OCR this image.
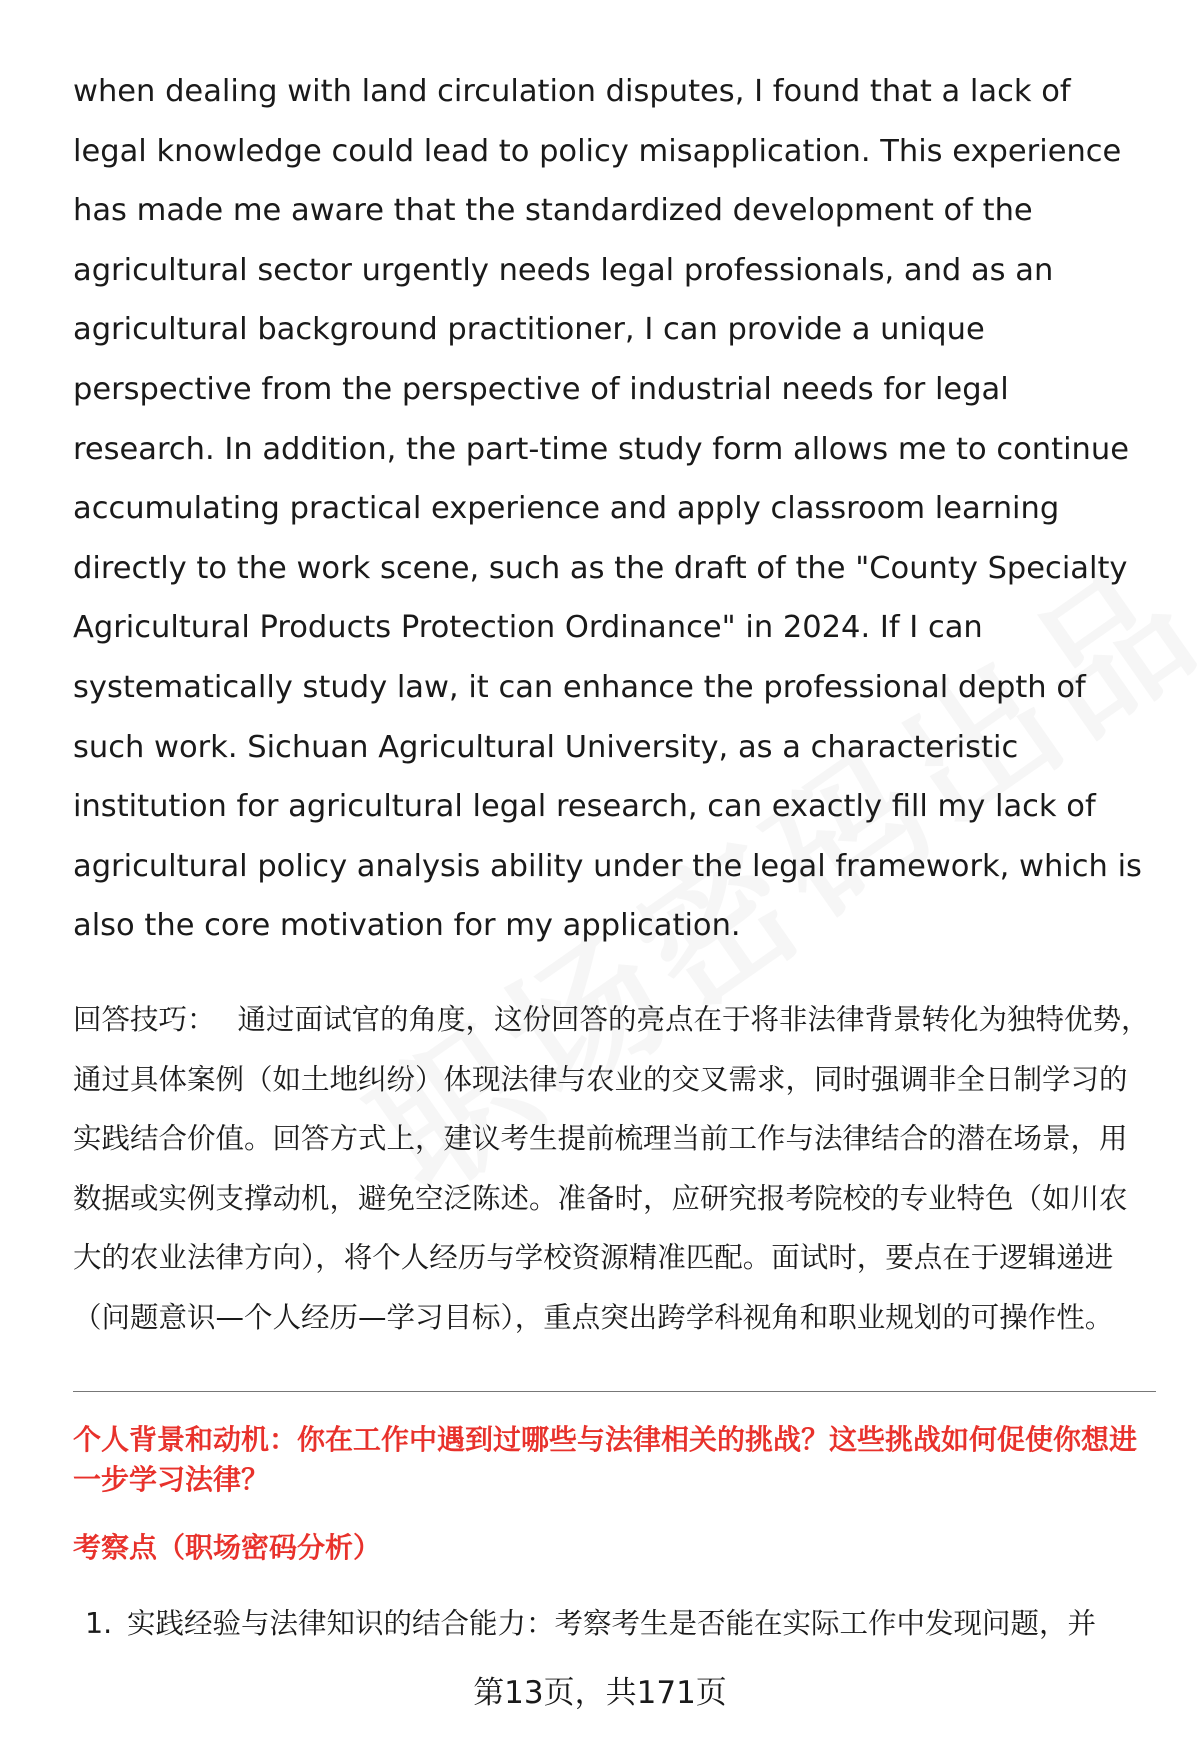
when dealing with land circulation disputes, I found that a lack of legal knowledge could lead to policy misapplication. This experience has made me aware that the standardized development of the agricultural sector urgently needs legal professionals, and as an agricultural background practitioner, I can provide a unique perspective from the perspective of industrial needs for legal research. In addition, the part-time study form allows me to continue accumulating practical experience and apply classroom learning directly to the work scene, such as the draft of the "County Specialty Agricultural Products Protection Ordinance" in 2024. If I can systematically study law, it can enhance the professional depth of such work. Sichuan Agricultural University, as a characteristic institution for agricultural legal research, can exactly fill my lack of agricultural policy analysis ability under the legal framework, which is also the core motivation for my application.

回答技巧： 通过面试官的角度，这份回答的亮点在于将非法律背景转化为独特优势，通过具体案例（如土地纠纷）体现法律与农业的交叉需求，同时强调非全日制学习的实践结合价值。回答方式上，建议考生提前梳理当前工作与法律结合的潜在场景，用数据或实例支撑动机，避免空泛陈述。准备时，应研究报考院校的专业特色（如川农大的农业法律方向），将个人经历与学校资源精准匹配。面试时，要点在于逻辑递进（问题意识—个人经历—学习目标），重点突出跨学科视角和职业规划的可操作性。

个人背景和动机：你在工作中遇到过哪些与法律相关的挑战？这些挑战如何促使你想进一步学习法律？
考察点（职场密码分析）
1. 实践经验与法律知识的结合能力：考察考生是否能在实际工作中发现问题，并
第13页，共171页
